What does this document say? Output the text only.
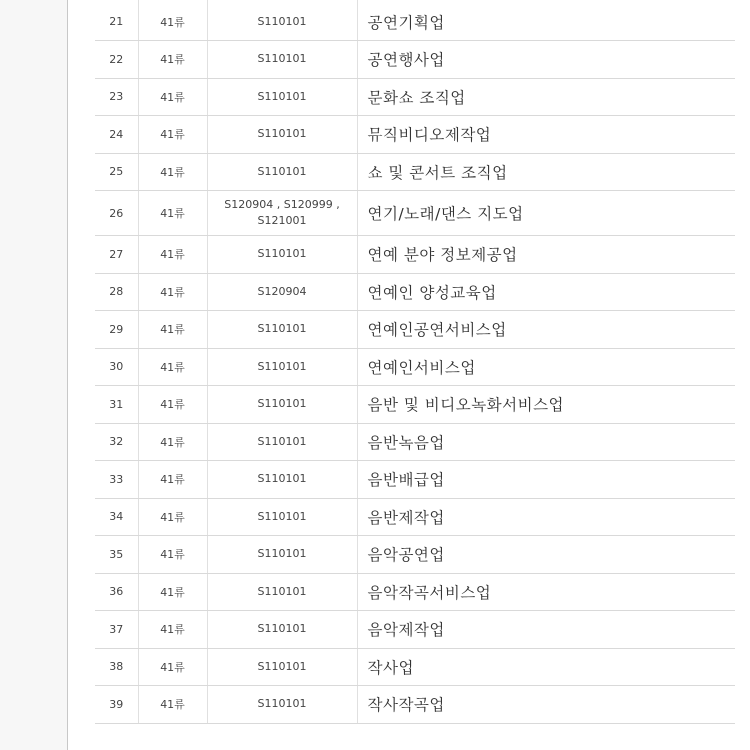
21	41류	S110101	공연기획업
22	41류	S110101	공연행사업
23	41류	S110101	문화쇼 조직업
24	41류	S110101	뮤직비디오제작업
25	41류	S110101	쇼 및 콘서트 조직업
26	41류	S120904 , S120999 ,
S121001	연기/노래/댄스 지도업
27	41류	S110101	연예 분야 정보제공업
28	41류	S120904	연예인 양성교육업
29	41류	S110101	연예인공연서비스업
30	41류	S110101	연예인서비스업
31	41류	S110101	음반 및 비디오녹화서비스업
32	41류	S110101	음반녹음업
33	41류	S110101	음반배급업
34	41류	S110101	음반제작업
35	41류	S110101	음악공연업
36	41류	S110101	음악작곡서비스업
37	41류	S110101	음악제작업
38	41류	S110101	작사업
39	41류	S110101	작사작곡업
